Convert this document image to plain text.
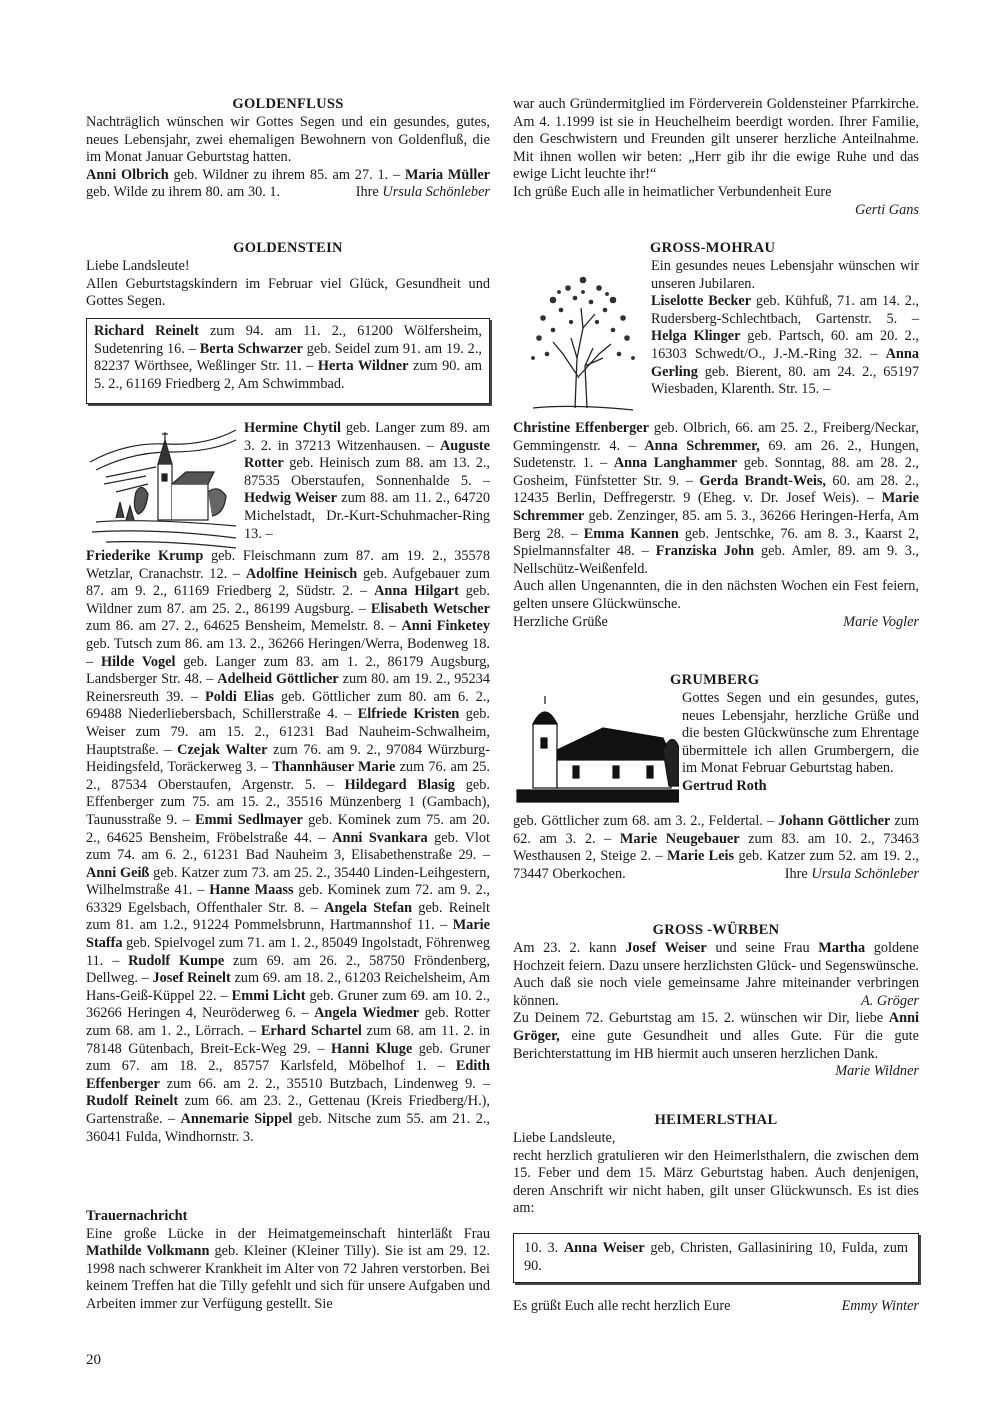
GOLDENFLUSS
Nachträglich wünschen wir Gottes Segen und ein gesundes, gutes, neues Lebensjahr, zwei ehemaligen Bewohnern von Goldenfluß, die im Monat Januar Geburtstag hatten.
Anni Olbrich geb. Wildner zu ihrem 85. am 27. 1. – Maria Müller geb. Wilde zu ihrem 80. am 30. 1.	Ihre Ursula Schönleber
GOLDENSTEIN
Liebe Landsleute!
Allen Geburtstagskindern im Februar viel Glück, Gesundheit und Gottes Segen.
Richard Reinelt zum 94. am 11. 2., 61200 Wölfersheim, Sudetenring 16. – Berta Schwarzer geb. Seidel zum 91. am 19. 2., 82237 Wörthsee, Weßlinger Str. 11. – Herta Wildner zum 90. am 5. 2., 61169 Friedberg 2, Am Schwimmbad.
Hermine Chytil geb. Langer zum 89. am 3. 2. in 37213 Witzenhausen. – Auguste Rotter geb. Heinisch zum 88. am 13. 2., 87535 Oberstaufen, Sonnenhalde 5. – Hedwig Weiser zum 88. am 11. 2., 64720 Michelstadt, Dr.-Kurt-Schuhmacher-Ring 13. –
Friederike Krump geb. Fleischmann zum 87. am 19. 2., 35578 Wetzlar, Cranachstr. 12. – Adolfine Heinisch geb. Aufgebauer zum 87. am 9. 2., 61169 Friedberg 2, Südstr. 2. – Anna Hilgart geb. Wildner zum 87. am 25. 2., 86199 Augsburg. – Elisabeth Wetscher zum 86. am 27. 2., 64625 Bensheim, Memelstr. 8. – Anni Finketey geb. Tutsch zum 86. am 13. 2., 36266 Heringen/Werra, Bodenweg 18. – Hilde Vogel geb. Langer zum 83. am 1. 2., 86179 Augsburg, Landsberger Str. 48. – Adelheid Göttlicher zum 80. am 19. 2., 95234 Reinersreuth 39. – Poldi Elias geb. Göttlicher zum 80. am 6. 2., 69488 Niederliebersbach, Schillerstraße 4. – Elfriede Kristen geb. Weiser zum 79. am 15. 2., 61231 Bad Nauheim-Schwalheim, Hauptstraße. – Czejak Walter zum 76. am 9. 2., 97084 Würzburg-Heidingsfeld, Toräckerweg 3. – Thannhäuser Marie zum 76. am 25. 2., 87534 Oberstaufen, Argenstr. 5. – Hildegard Blasig geb. Effenberger zum 75. am 15. 2., 35516 Münzenberg 1 (Gambach), Taunusstraße 9. – Emmi Sedlmayer geb. Kominek zum 75. am 20. 2., 64625 Bensheim, Fröbelstraße 44. – Anni Svankara geb. Vlot zum 74. am 6. 2., 61231 Bad Nauheim 3, Elisabethenstraße 29. – Anni Geiß geb. Katzer zum 73. am 25. 2., 35440 Linden-Leihgestern, Wilhelmstraße 41. – Hanne Maass geb. Kominek zum 72. am 9. 2., 63329 Egelsbach, Offenthaler Str. 8. – Angela Stefan geb. Reinelt zum 81. am 1.2., 91224 Pommelsbrunn, Hartmannshof 11. – Marie Staffa geb. Spielvogel zum 71. am 1. 2., 85049 Ingolstadt, Föhrenweg 11. – Rudolf Kumpe zum 69. am 26. 2., 58750 Fröndenberg, Dellweg. – Josef Reinelt zum 69. am 18. 2., 61203 Reichelsheim, Am Hans-Geiß-Küppel 22. – Emmi Licht geb. Gruner zum 69. am 10. 2., 36266 Heringen 4, Neuröderweg 6. – Angela Wiedmer geb. Rotter zum 68. am 1. 2., Lörrach. – Erhard Schartel zum 68. am 11. 2. in 78148 Gütenbach, Breit-Eck-Weg 29. – Hanni Kluge geb. Gruner zum 67. am 18. 2., 85757 Karlsfeld, Möbelhof 1. – Edith Effenberger zum 66. am 2. 2., 35510 Butzbach, Lindenweg 9. – Rudolf Reinelt zum 66. am 23. 2., Gettenau (Kreis Friedberg/H.), Gartenstraße. – Annemarie Sippel geb. Nitsche zum 55. am 21. 2., 36041 Fulda, Windhornstr. 3.
Trauernachricht
Eine große Lücke in der Heimatgemeinschaft hinterläßt Frau Mathilde Volkmann geb. Kleiner (Kleiner Tilly). Sie ist am 29. 12. 1998 nach schwerer Krankheit im Alter von 72 Jahren verstorben. Bei keinem Treffen hat die Tilly gefehlt und sich für unsere Aufgaben und Arbeiten immer zur Verfügung gestellt. Sie
20
war auch Gründermitglied im Förderverein Goldensteiner Pfarrkirche. Am 4. 1.1999 ist sie in Heuchelheim beerdigt worden. Ihrer Familie, den Geschwistern und Freunden gilt unserer herzliche Anteilnahme. Mit ihnen wollen wir beten: „Herr gib ihr die ewige Ruhe und das ewige Licht leuchte ihr!“
Ich grüße Euch alle in heimatlicher Verbundenheit Eure

Gerti Gans
GROSS-MOHRAU
Ein gesundes neues Lebensjahr wünschen wir unseren Jubilaren.
Liselotte Becker geb. Kühfuß, 71. am 14. 2., Rudersberg-Schlechtbach, Gartenstr. 5. – Helga Klinger geb. Partsch, 60. am 20. 2., 16303 Schwedt/O., J.-M.-Ring 32. – Anna Gerling geb. Bierent, 80. am 24. 2., 65197 Wiesbaden, Klarenth. Str. 15. –
Christine Effenberger geb. Olbrich, 66. am 25. 2., Freiberg/Neckar, Gemmingenstr. 4. – Anna Schremmer, 69. am 26. 2., Hungen, Sudetenstr. 1. – Anna Langhammer geb. Sonntag, 88. am 28. 2., Gosheim, Fünfstetter Str. 9. – Gerda Brandt-Weis, 60. am 28. 2., 12435 Berlin, Deffregerstr. 9 (Eheg. v. Dr. Josef Weis). – Marie Schremmer geb. Zenzinger, 85. am 5. 3., 36266 Heringen-Herfa, Am Berg 28. – Emma Kannen geb. Jentschke, 76. am 8. 3., Kaarst 2, Spielmannsfalter 48. – Franziska John geb. Amler, 89. am 9. 3., Nellschütz-Weißenfeld.
Auch allen Ungenannten, die in den nächsten Wochen ein Fest feiern, gelten unsere Glückwünsche.
Herzliche Grüße	Marie Vogler
GRUMBERG
Gottes Segen und ein gesundes, gutes, neues Lebensjahr, herzliche Grüße und die besten Glückwünsche zum Ehrentage übermittele ich allen Grumbergern, die im Monat Februar Geburtstag haben.
Gertrud Roth
geb. Göttlicher zum 68. am 3. 2., Feldertal. – Johann Göttlicher zum 62. am 3. 2. – Marie Neugebauer zum 83. am 10. 2., 73463 Westhausen 2, Steige 2. – Marie Leis geb. Katzer zum 52. am 19. 2., 73447 Oberkochen.	Ihre Ursula Schönleber
GROSS -WÜRBEN
Am 23. 2. kann Josef Weiser und seine Frau Martha goldene Hochzeit feiern. Dazu unsere herzlichsten Glück- und Segenswünsche. Auch daß sie noch viele gemeinsame Jahre miteinander verbringen können.	A. Gröger

Zu Deinem 72. Geburtstag am 15. 2. wünschen wir Dir, liebe Anni Gröger, eine gute Gesundheit und alles Gute. Für die gute Berichterstattung im HB hiermit auch unseren herzlichen Dank.

Marie Wildner
HEIMERLSTHAL
Liebe Landsleute,
recht herzlich gratulieren wir den Heimerlsthalern, die zwischen dem 15. Feber und dem 15. März Geburtstag haben. Auch denjenigen, deren Anschrift wir nicht haben, gilt unser Glückwunsch. Es ist dies am:
10. 3. Anna Weiser geb, Christen, Gallasiniring 10, Fulda, zum 90.
Es grüßt Euch alle recht herzlich Eure	Emmy Winter
